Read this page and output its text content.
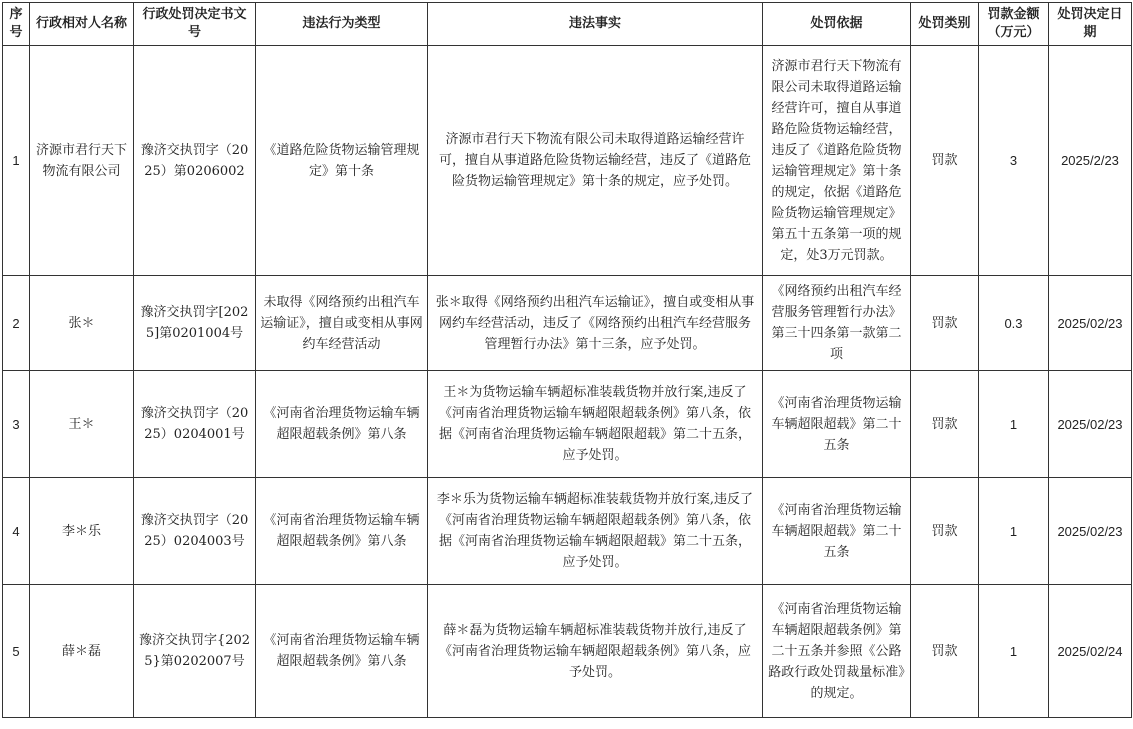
序号	行政相对人名称	行政处罚决定书文号	违法行为类型	违法事实	处罚依据	处罚类别	罚款金额（万元）	处罚决定日期
1	济源市君行天下物流有限公司	豫济交执罚字（2025）第0206002	《道路危险货物运输管理规定》第十条	济源市君行天下物流有限公司未取得道路运输经营许可，擅自从事道路危险货物运输经营，违反了《道路危险货物运输管理规定》第十条的规定，应予处罚。	济源市君行天下物流有限公司未取得道路运输经营许可，擅自从事道路危险货物运输经营，违反了《道路危险货物运输管理规定》第十条的规定，依据《道路危险货物运输管理规定》第五十五条第一项的规定，处3万元罚款。	罚款	3	2025/2/23
2	张＊	豫济交执罚字[2025]第0201004号	未取得《网络预约出租汽车运输证》，擅自或变相从事网约车经营活动	张＊取得《网络预约出租汽车运输证》，擅自或变相从事网约车经营活动，违反了《网络预约出租汽车经营服务管理暂行办法》第十三条，应予处罚。	《网络预约出租汽车经营服务管理暂行办法》第三十四条第一款第二项	罚款	0.3	2025/02/23
3	王＊	豫济交执罚字（2025）0204001号	《河南省治理货物运输车辆超限超载条例》第八条	王＊为货物运输车辆超标准装载货物并放行案,违反了《河南省治理货物运输车辆超限超载条例》第八条，依据《河南省治理货物运输车辆超限超载》第二十五条，应予处罚。	《河南省治理货物运输车辆超限超载》第二十五条	罚款	1	2025/02/23
4	李＊乐	豫济交执罚字（2025）0204003号	《河南省治理货物运输车辆超限超载条例》第八条	李＊乐为货物运输车辆超标准装载货物并放行案,违反了《河南省治理货物运输车辆超限超载条例》第八条，依据《河南省治理货物运输车辆超限超载》第二十五条，应予处罚。	《河南省治理货物运输车辆超限超载》第二十五条	罚款	1	2025/02/23
5	薛＊磊	豫济交执罚字{2025}第0202007号	《河南省治理货物运输车辆超限超载条例》第八条	薛＊磊为货物运输车辆超标准装载货物并放行,违反了《河南省治理货物运输车辆超限超载条例》第八条，应予处罚。	《河南省治理货物运输车辆超限超载条例》第二十五条并参照《公路路政行政处罚裁量标准》的规定。	罚款	1	2025/02/24
